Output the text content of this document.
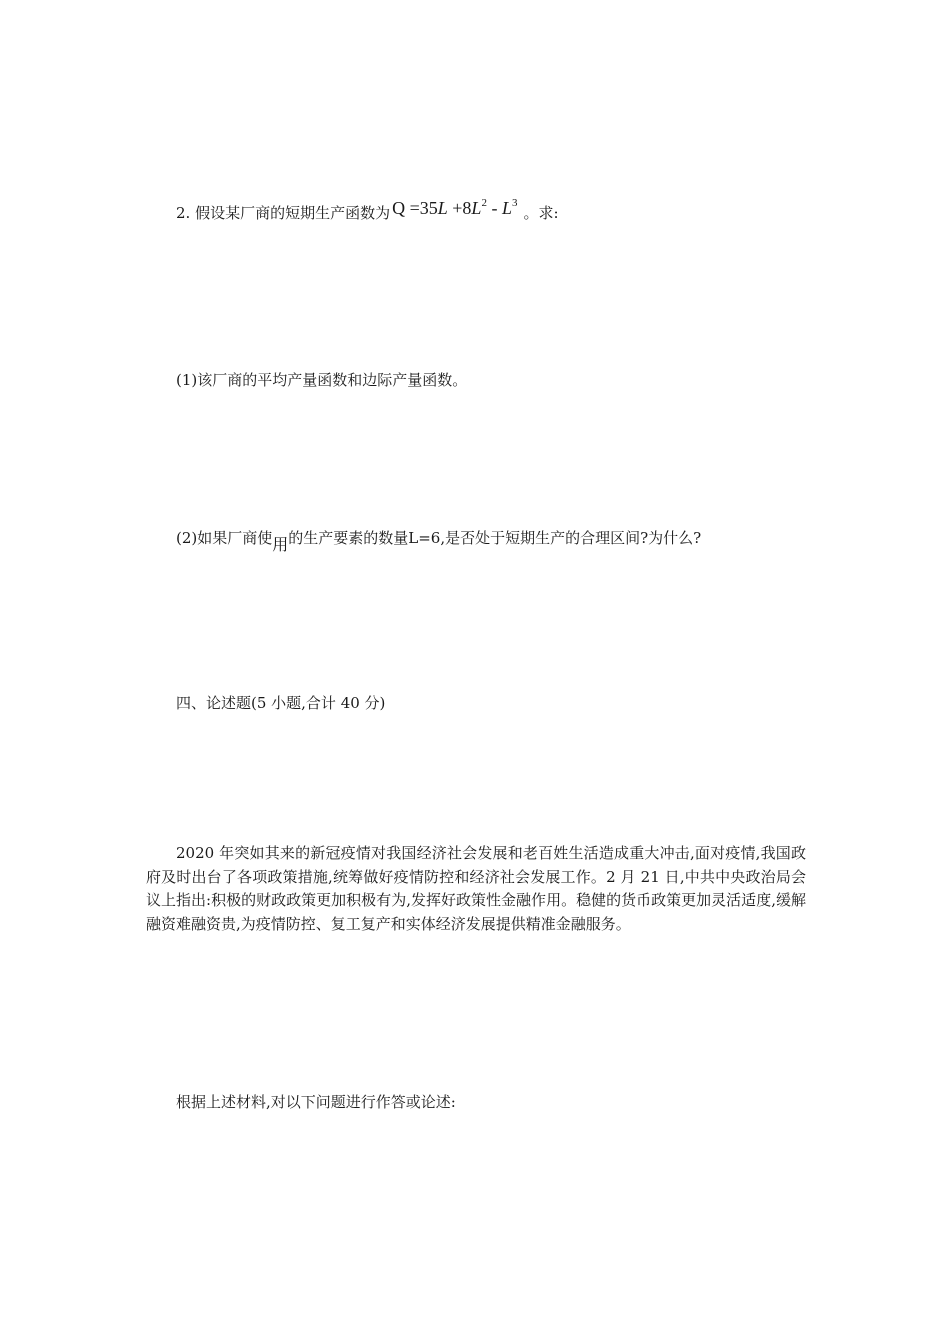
2. 假设某厂商的短期生产函数为 $Q =35L +8L^2 - L^3$。求:
(1)该厂商的平均产量函数和边际产量函数。
(2)如果厂商使用的生产要素的数量L=6,是否处于短期生产的合理区间?为什么?
四、论述题(5 小题,合计 40 分)
2020 年突如其来的新冠疫情对我国经济社会发展和老百姓生活造成重大冲击,面对疫情,我国政府及时出台了各项政策措施,统筹做好疫情防控和经济社会发展工作。2 月 21 日,中共中央政治局会议上指出:积极的财政政策更加积极有为,发挥好政策性金融作用。稳健的货币政策更加灵活适度,缓解融资难融资贵,为疫情防控、复工复产和实体经济发展提供精准金融服务。
根据上述材料,对以下问题进行作答或论述:
